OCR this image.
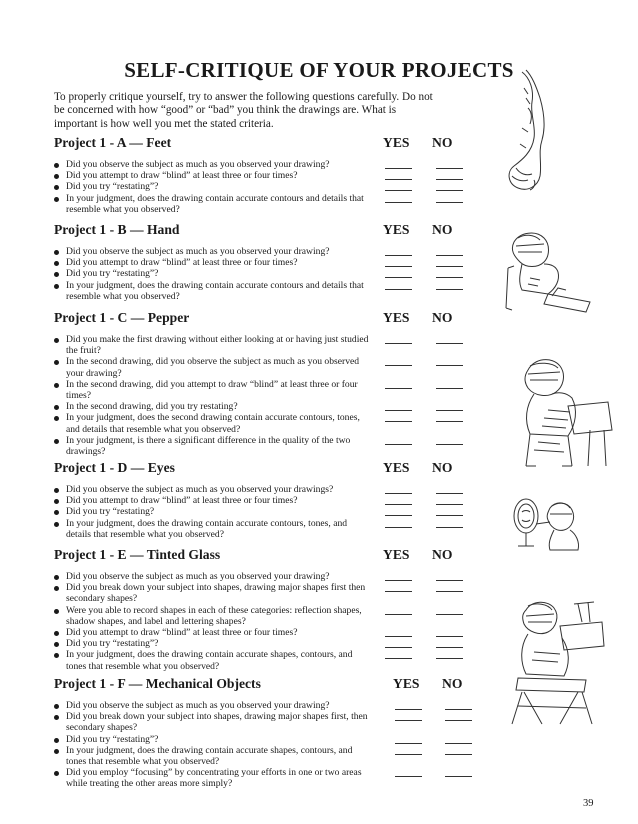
SELF-CRITIQUE OF YOUR PROJECTS
To properly critique yourself, try to answer the following questions carefully. Do not be concerned with how “good” or “bad” you think the drawings are. What is important is how well you met the stated criteria.
Project 1 - A — Feet	YES NO
Did you observe the subject as much as you observed your drawing?
Did you attempt to draw “blind” at least three or four times?
Did you try “restating”?
In your judgment, does the drawing contain accurate contours and details that resemble what you observed?
Project 1 - B — Hand	YES NO
Did you observe the subject as much as you observed your drawing?
Did you attempt to draw “blind” at least three or four times?
Did you try “restating”?
In your judgment, does the drawing contain accurate contours and details that resemble what you observed?
Project 1 - C — Pepper	YES NO
Did you make the first drawing without either looking at or having just studied the fruit?
In the second drawing, did you observe the subject as much as you observed your drawing?
In the second drawing, did you attempt to draw “blind” at least three or four times?
In the second drawing, did you try restating?
In your judgment, does the second drawing contain accurate contours, tones, and details that resemble what you observed?
In your judgment, is there a significant difference in the quality of the two drawings?
Project 1 - D — Eyes	YES NO
Did you observe the subject as much as you observed your drawings?
Did you attempt to draw “blind” at least three or four times?
Did you try “restating?
In your judgment, does the drawing contain accurate contours, tones, and details that resemble what you observed?
Project 1 - E — Tinted Glass	YES NO
Did you observe the subject as much as you observed your drawing?
Did you break down your subject into shapes, drawing major shapes first then secondary shapes?
Were you able to record shapes in each of these categories: reflection shapes, shadow shapes, and label and lettering shapes?
Did you attempt to draw “blind” at least three or four times?
Did you try “restating”?
In your judgment, does the drawing contain accurate shapes, contours, and tones that resemble what you observed?
Project 1 - F — Mechanical Objects	YES NO
Did you observe the subject as much as you observed your drawing?
Did you break down your subject into shapes, drawing major shapes first, then secondary shapes?
Did you try “restating”?
In your judgment, does the drawing contain accurate shapes, contours, and tones that resemble what you observed?
Did you employ “focusing” by concentrating your efforts in one or two areas while treating the other areas more simply?
39
